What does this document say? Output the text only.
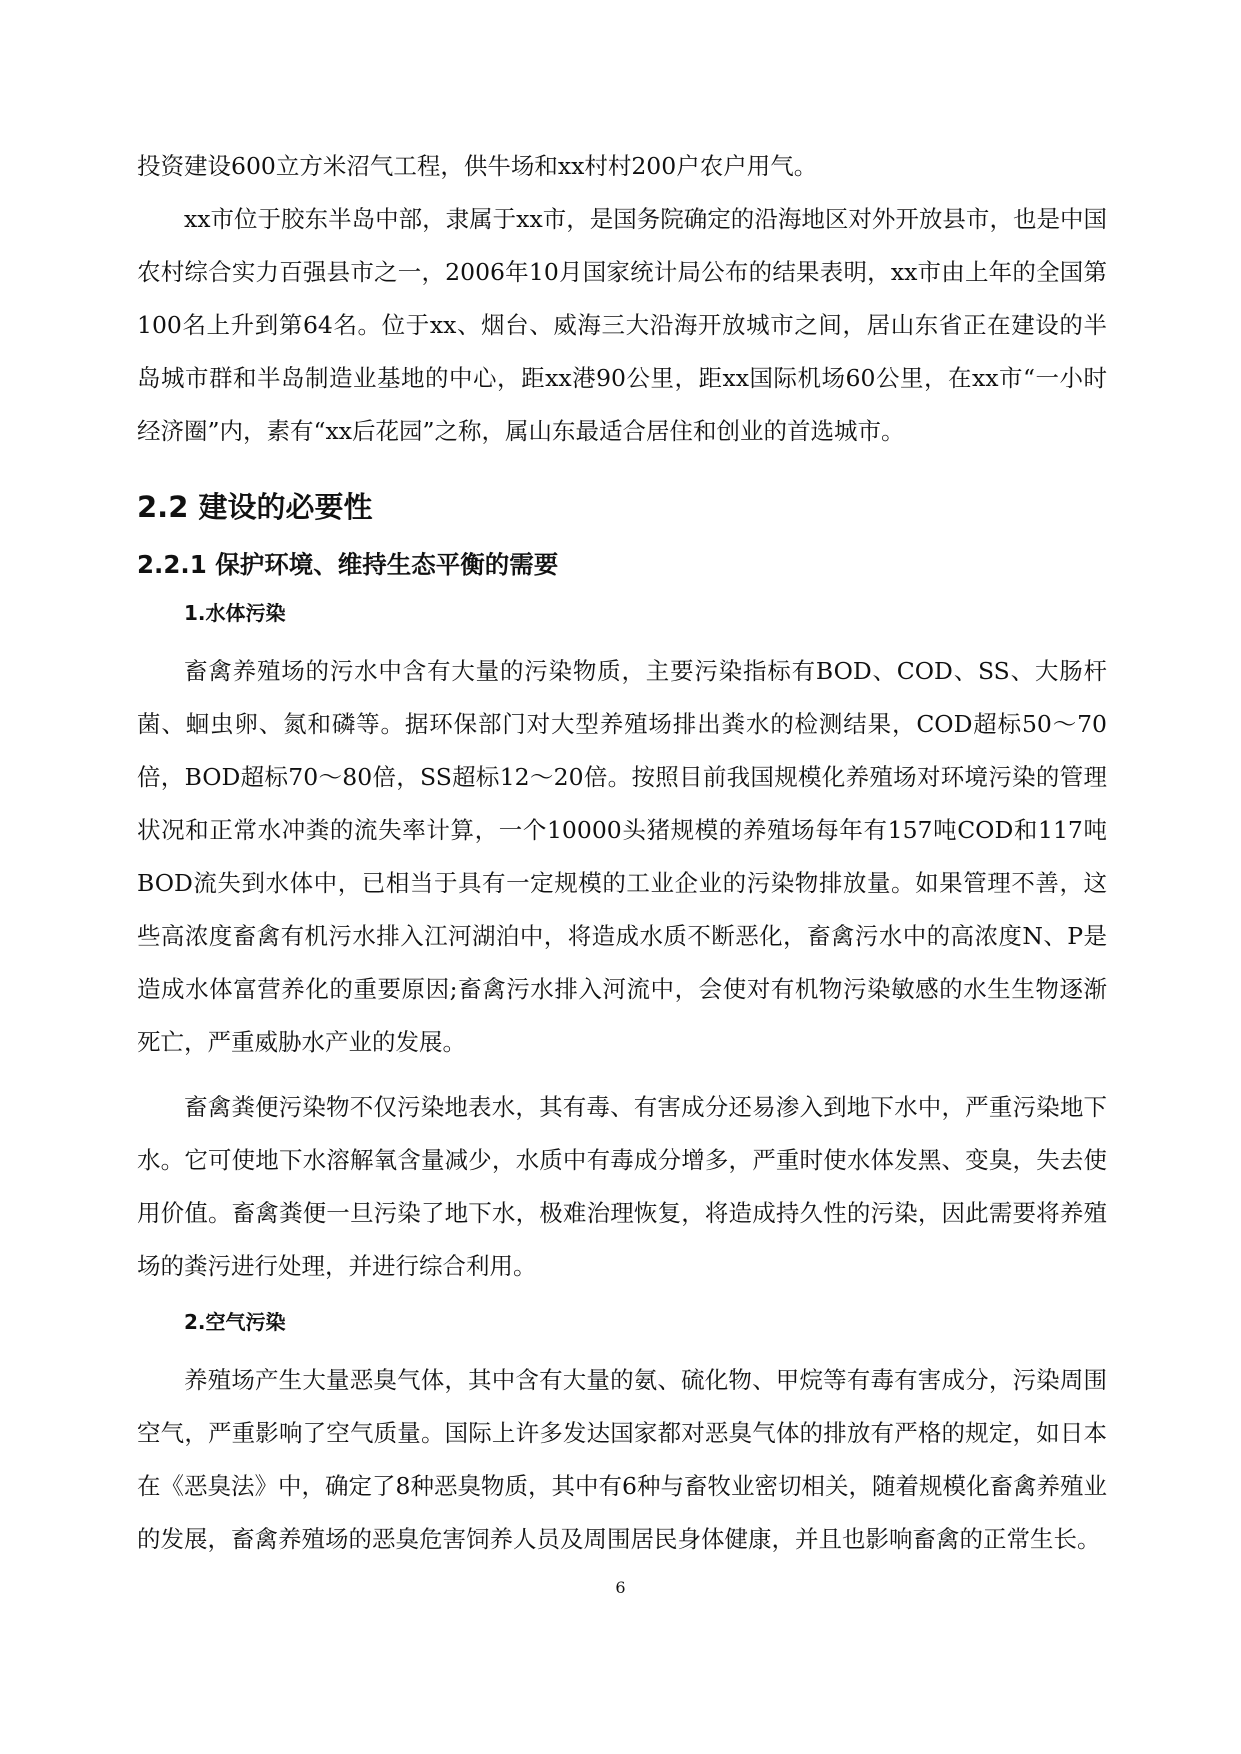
投资建设600立方米沼气工程，供牛场和xx村村200户农户用气。

xx市位于胶东半岛中部，隶属于xx市，是国务院确定的沿海地区对外开放县市，也是中国农村综合实力百强县市之一，2006年10月国家统计局公布的结果表明，xx市由上年的全国第100名上升到第64名。位于xx、烟台、威海三大沿海开放城市之间，居山东省正在建设的半岛城市群和半岛制造业基地的中心，距xx港90公里，距xx国际机场60公里，在xx市“一小时经济圈”内，素有“xx后花园”之称，属山东最适合居住和创业的首选城市。

2.2 建设的必要性
2.2.1 保护环境、维持生态平衡的需要
1.水体污染

畜禽养殖场的污水中含有大量的污染物质，主要污染指标有BOD、COD、SS、大肠杆菌、蛔虫卵、氮和磷等。据环保部门对大型养殖场排出粪水的检测结果，COD超标50～70倍，BOD超标70～80倍，SS超标12～20倍。按照目前我国规模化养殖场对环境污染的管理状况和正常水冲粪的流失率计算，一个10000头猪规模的养殖场每年有157吨COD和117吨BOD流失到水体中，已相当于具有一定规模的工业企业的污染物排放量。如果管理不善，这些高浓度畜禽有机污水排入江河湖泊中，将造成水质不断恶化，畜禽污水中的高浓度N、P是造成水体富营养化的重要原因;畜禽污水排入河流中，会使对有机物污染敏感的水生生物逐渐死亡，严重威胁水产业的发展。

畜禽粪便污染物不仅污染地表水，其有毒、有害成分还易渗入到地下水中，严重污染地下水。它可使地下水溶解氧含量减少，水质中有毒成分增多，严重时使水体发黑、变臭，失去使用价值。畜禽粪便一旦污染了地下水，极难治理恢复，将造成持久性的污染，因此需要将养殖场的粪污进行处理，并进行综合利用。

2.空气污染

养殖场产生大量恶臭气体，其中含有大量的氨、硫化物、甲烷等有毒有害成分，污染周围空气，严重影响了空气质量。国际上许多发达国家都对恶臭气体的排放有严格的规定，如日本在《恶臭法》中，确定了8种恶臭物质，其中有6种与畜牧业密切相关，随着规模化畜禽养殖业的发展，畜禽养殖场的恶臭危害饲养人员及周围居民身体健康，并且也影响畜禽的正常生长。

6
